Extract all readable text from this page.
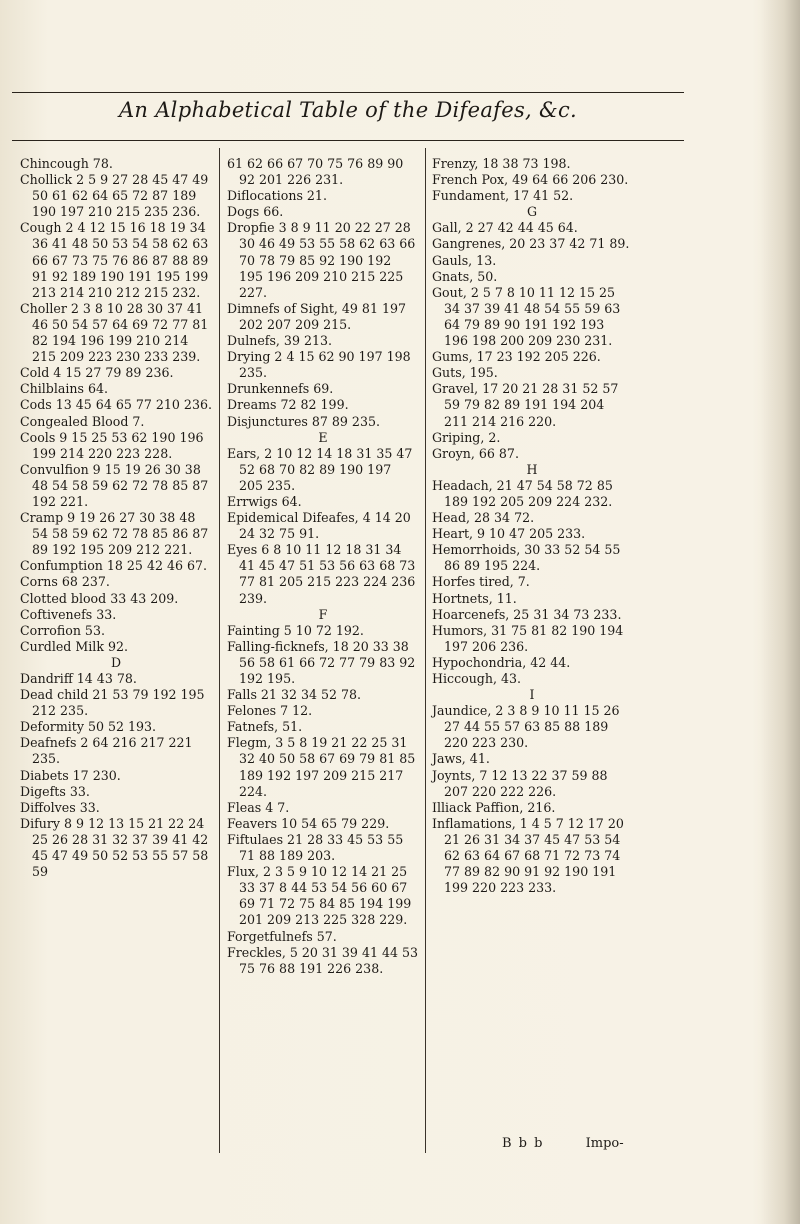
An Alphabetical Table of the Difeafes, &c.
Chincough 78.
Chollick 2 5 9 27 28 45 47 49 50 61 62 64 65 72 87 189 190 197 210 215 235 236.
Cough 2 4 12 15 16 18 19 34 36 41 48 50 53 54 58 62 63 66 67 73 75 76 86 87 88 89 91 92 189 190 191 195 199 213 214 210 212 215 232.
Choller 2 3 8 10 28 30 37 41 46 50 54 57 64 69 72 77 81 82 194 196 199 210 214 215 209 223 230 233 239.
Cold 4 15 27 79 89 236.
Chilblains 64.
Cods 13 45 64 65 77 210 236.
Congealed Blood 7.
Cools 9 15 25 53 62 190 196 199 214 220 223 228.
Convulfion 9 15 19 26 30 38 48 54 58 59 62 72 78 85 87 192 221.
Cramp 9 19 26 27 30 38 48 54 58 59 62 72 78 85 86 87 89 192 195 209 212 221.
Confumption 18 25 42 46 67.
Corns 68 237.
Clotted blood 33 43 209.
Coftivenefs 33.
Corrofion 53.
Curdled Milk 92.
D
Dandriff 14 43 78.
Dead child 21 53 79 192 195 212 235.
Deformity 50 52 193.
Deafnefs 2 64 216 217 221 235.
Diabets 17 230.
Digefts 33.
Diffolves 33.
Difury 8 9 12 13 15 21 22 24 25 26 28 31 32 37 39 41 42 45 47 49 50 52 53 55 57 58 59
61 62 66 67 70 75 76 89 90 92 201 226 231.
Diflocations 21.
Dogs 66.
Dropfie 3 8 9 11 20 22 27 28 30 46 49 53 55 58 62 63 66 70 78 79 85 92 190 192 195 196 209 210 215 225 227.
Dimnefs of Sight, 49 81 197 202 207 209 215.
Dulnefs, 39 213.
Drying 2 4 15 62 90 197 198 235.
Drunkennefs 69.
Dreams 72 82 199.
Disjunctures 87 89 235.
E
Ears, 2 10 12 14 18 31 35 47 52 68 70 82 89 190 197 205 235.
Errwigs 64.
Epidemical Difeafes, 4 14 20 24 32 75 91.
Eyes 6 8 10 11 12 18 31 34 41 45 47 51 53 56 63 68 73 77 81 205 215 223 224 236 239.
F
Fainting 5 10 72 192.
Falling-ficknefs, 18 20 33 38 56 58 61 66 72 77 79 83 92 192 195.
Falls 21 32 34 52 78.
Felones 7 12.
Fatnefs, 51.
Flegm, 3 5 8 19 21 22 25 31 32 40 50 58 67 69 79 81 85 189 192 197 209 215 217 224.
Fleas 4 7.
Feavers 10 54 65 79 229.
Fiftulaes 21 28 33 45 53 55 71 88 189 203.
Flux, 2 3 5 9 10 12 14 21 25 33 37 8 44 53 54 56 60 67 69 71 72 75 84 85 194 199 201 209 213 225 328 229.
Forgetfulnefs 57.
Freckles, 5 20 31 39 41 44 53 75 76 88 191 226 238.
Frenzy, 18 38 73 198.
French Pox, 49 64 66 206 230.
Fundament, 17 41 52.
G
Gall, 2 27 42 44 45 64.
Gangrenes, 20 23 37 42 71 89.
Gauls, 13.
Gnats, 50.
Gout, 2 5 7 8 10 11 12 15 25 34 37 39 41 48 54 55 59 63 64 79 89 90 191 192 193 196 198 200 209 230 231.
Gums, 17 23 192 205 226.
Guts, 195.
Gravel, 17 20 21 28 31 52 57 59 79 82 89 191 194 204 211 214 216 220.
Griping, 2.
Groyn, 66 87.
H
Headach, 21 47 54 58 72 85 189 192 205 209 224 232.
Head, 28 34 72.
Heart, 9 10 47 205 233.
Hemorrhoids, 30 33 52 54 55 86 89 195 224.
Horfes tired, 7.
Hortnets, 11.
Hoarcenefs, 25 31 34 73 233.
Humors, 31 75 81 82 190 194 197 206 236.
Hypochondria, 42 44.
Hiccough, 43.
I
Jaundice, 2 3 8 9 10 11 15 26 27 44 55 57 63 85 88 189 220 223 230.
Jaws, 41.
Joynts, 7 12 13 22 37 59 88 207 220 222 226.
Illiack Paffion, 216.
Inflamations, 1 4 5 7 12 17 20 21 26 31 34 37 45 47 53 54 62 63 64 67 68 71 72 73 74 77 89 82 90 91 92 190 191 199 220 223 233.
B b b	Impo-
